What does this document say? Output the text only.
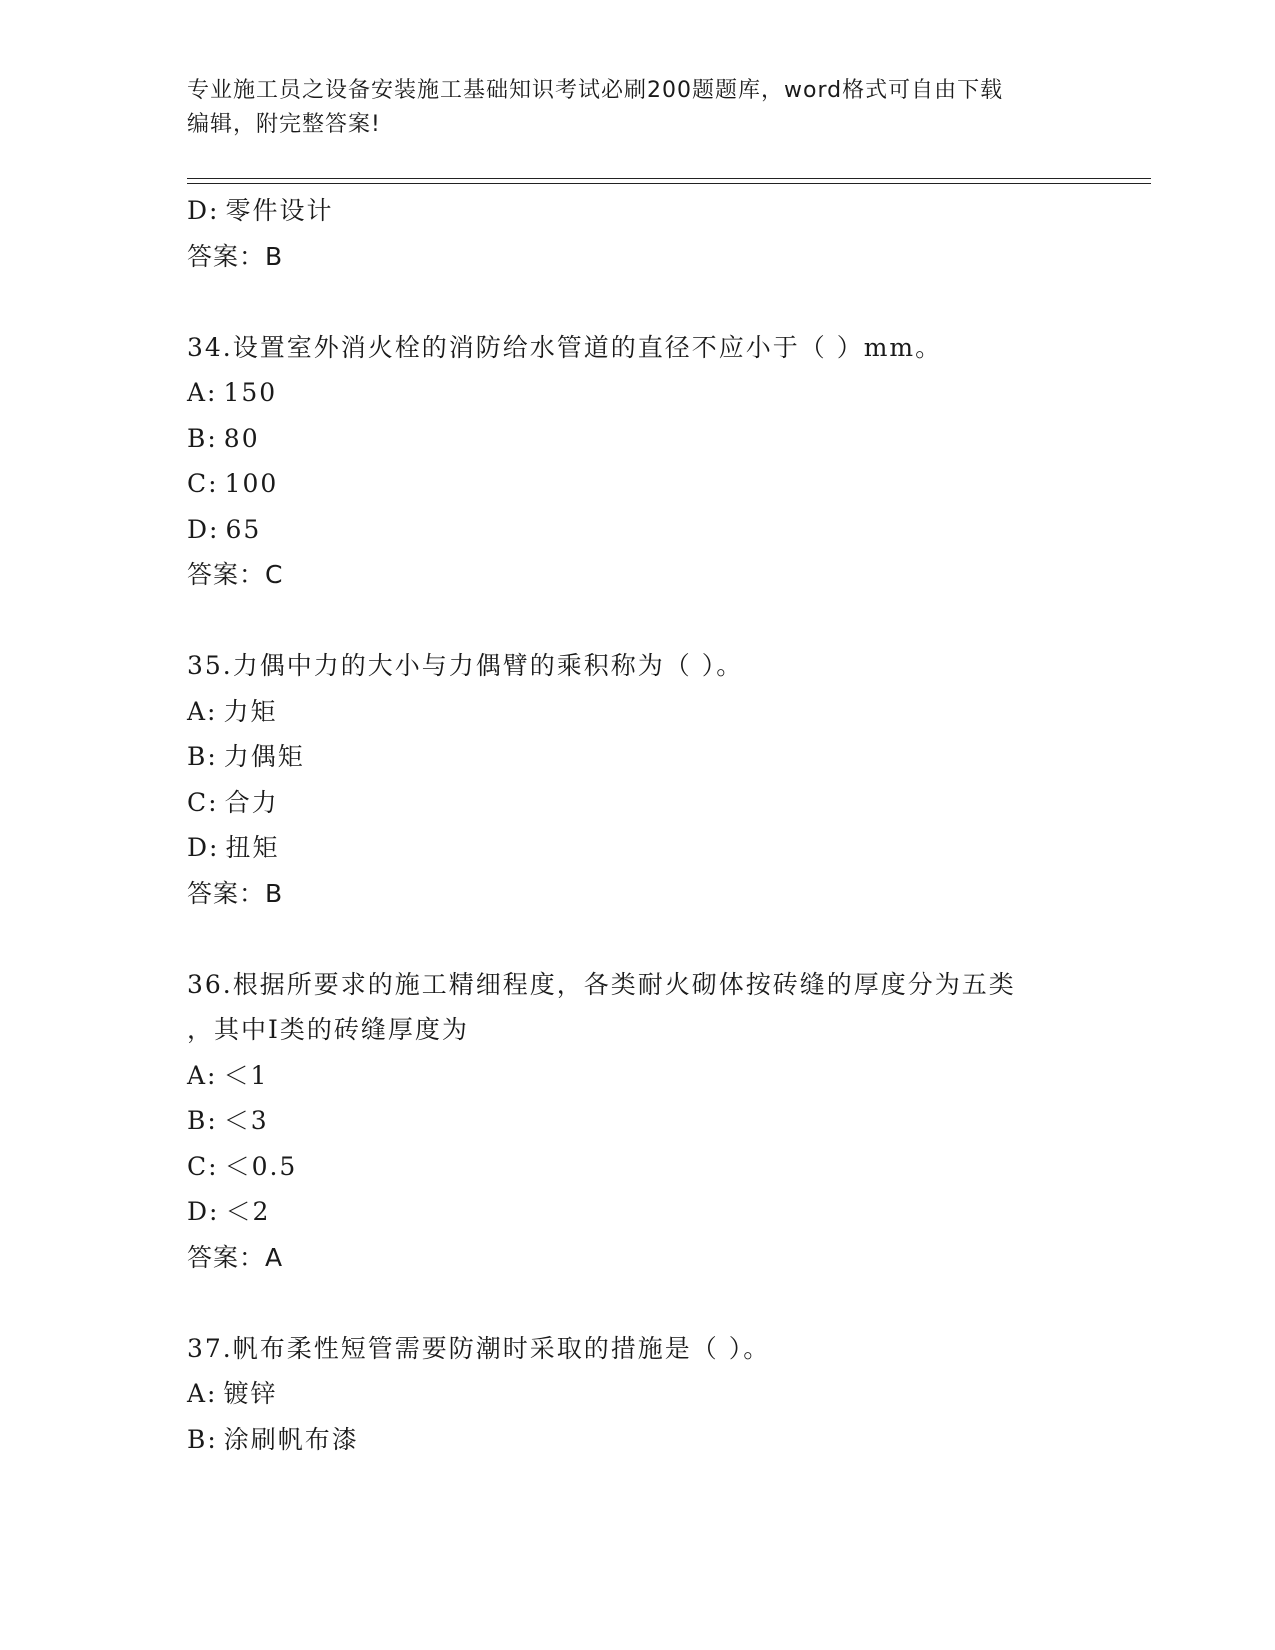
专业施工员之设备安装施工基础知识考试必刷200题题库，word格式可自由下载
编辑，附完整答案!
D: 零件设计
答案：B
34.设置室外消火栓的消防给水管道的直径不应小于（ ）mm。
A: 150
B: 80
C: 100
D: 65
答案：C
35.力偶中力的大小与力偶臂的乘积称为（ ）。
A: 力矩
B: 力偶矩
C: 合力
D: 扭矩
答案：B
36.根据所要求的施工精细程度，各类耐火砌体按砖缝的厚度分为五类
，其中Ⅰ类的砖缝厚度为
A: ＜1
B: ＜3
C: ＜0.5
D: ＜2
答案：A
37.帆布柔性短管需要防潮时采取的措施是（ ）。
A: 镀锌
B: 涂刷帆布漆
